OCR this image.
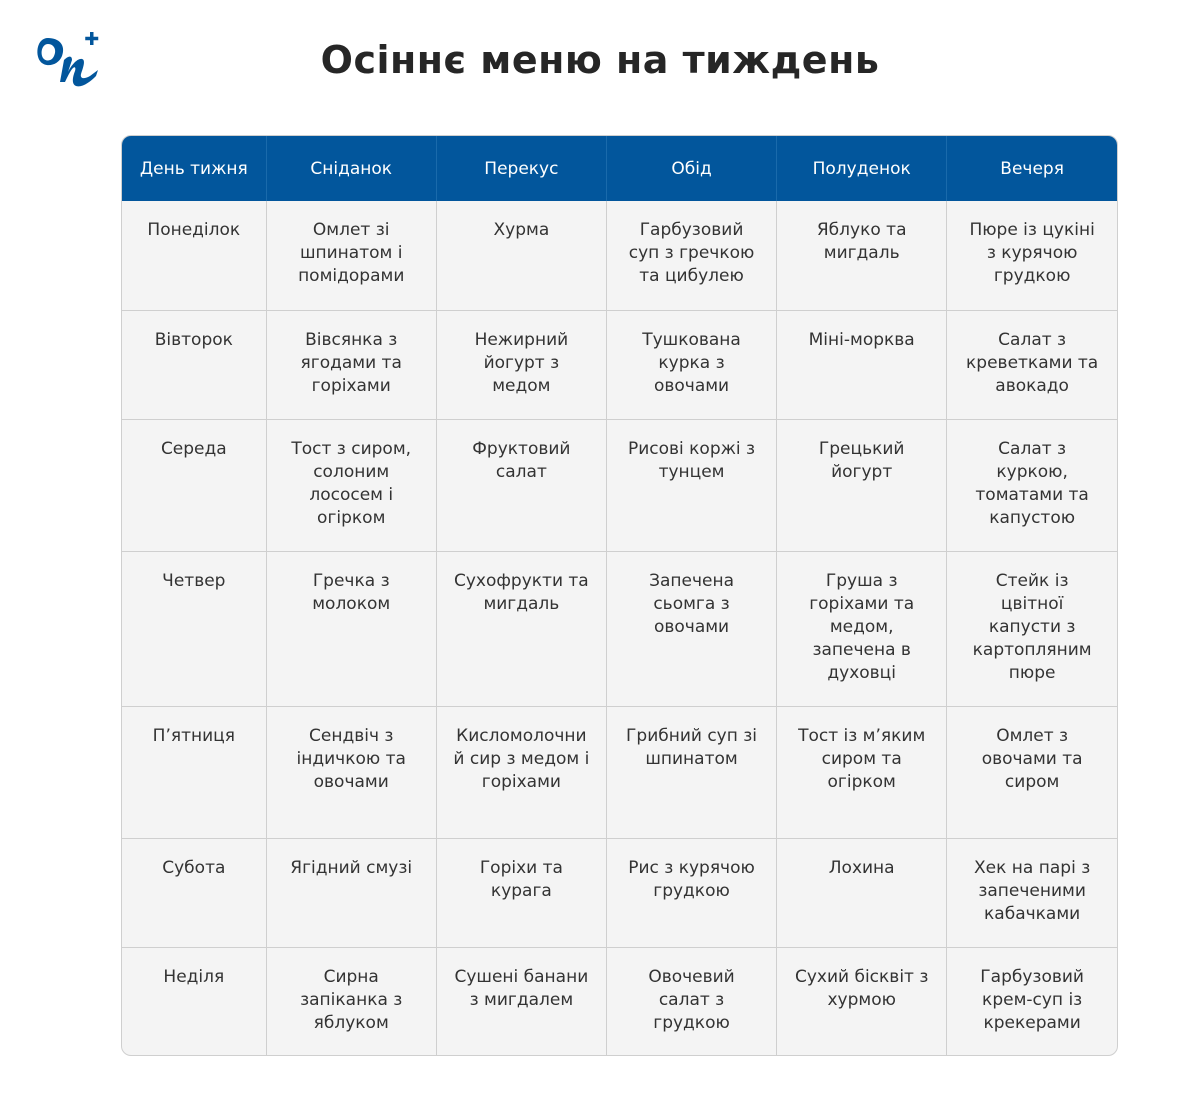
Осіннє меню на тиждень
День тижня	Сніданок	Перекус	Обід	Полуденок	Вечеря
Понеділок	Омлет зі шпинатом і помідорами	Хурма	Гарбузовий суп з гречкою та цибулею	Яблуко та мигдаль	Пюре із цукіні з курячою грудкою
Вівторок	Вівсянка з ягодами та горіхами	Нежирний йогурт з медом	Тушкована курка з овочами	Міні-морква	Салат з креветками та авокадо
Середа	Тост з сиром, солоним лососем і огірком	Фруктовий салат	Рисові коржі з тунцем	Грецький йогурт	Салат з куркою, томатами та капустою
Четвер	Гречка з молоком	Сухофрукти та мигдаль	Запечена сьомга з овочами	Груша з горіхами та медом, запечена в духовці	Стейк із цвітної капусти з картопляним пюре
П’ятниця	Сендвіч з індичкою та овочами	Кисломолочний сир з медом і горіхами	Грибний суп зі шпинатом	Тост із м’яким сиром та огірком	Омлет з овочами та сиром
Субота	Ягідний смузі	Горіхи та курага	Рис з курячою грудкою	Лохина	Хек на парі з запеченими кабачками
Неділя	Сирна запіканка з яблуком	Сушені банани з мигдалем	Овочевий салат з грудкою	Сухий бісквіт з хурмою	Гарбузовий крем-суп із крекерами
